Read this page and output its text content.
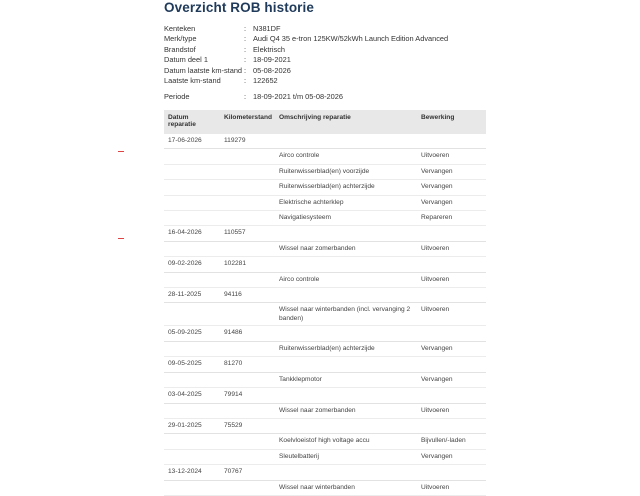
Overzicht ROB historie
Kenteken	: N381DF
Merk/type	: Audi Q4 35 e-tron 125KW/52kWh Launch Edition Advanced
Brandstof	: Elektrisch
Datum deel 1	: 18-09-2021
Datum laatste km-stand : 05-08-2026
Laatste km-stand	: 122652
Periode	: 18-09-2021 t/m 05-08-2026
Datum reparatie	Kilometerstand	Omschrijving reparatie	Bewerking
17-06-2026	119279		
		Airco controle	Uitvoeren
		Ruitenwisserblad(en) voorzijde	Vervangen
		Ruitenwisserblad(en) achterzijde	Vervangen
		Elektrische achterklep	Vervangen
		Navigatiesysteem	Repareren
16-04-2026	110557		
		Wissel naar zomerbanden	Uitvoeren
09-02-2026	102281		
		Airco controle	Uitvoeren
28-11-2025	94116		
		Wissel naar winterbanden (incl. vervanging 2 banden)	Uitvoeren
05-09-2025	91486		
		Ruitenwisserblad(en) achterzijde	Vervangen
09-05-2025	81270		
		Tankklepmotor	Vervangen
03-04-2025	79914		
		Wissel naar zomerbanden	Uitvoeren
29-01-2025	75529		
		Koelvloeistof high voltage accu	Bijvullen/-laden
		Sleutelbatterij	Vervangen
13-12-2024	70767		
		Wissel naar winterbanden	Uitvoeren
